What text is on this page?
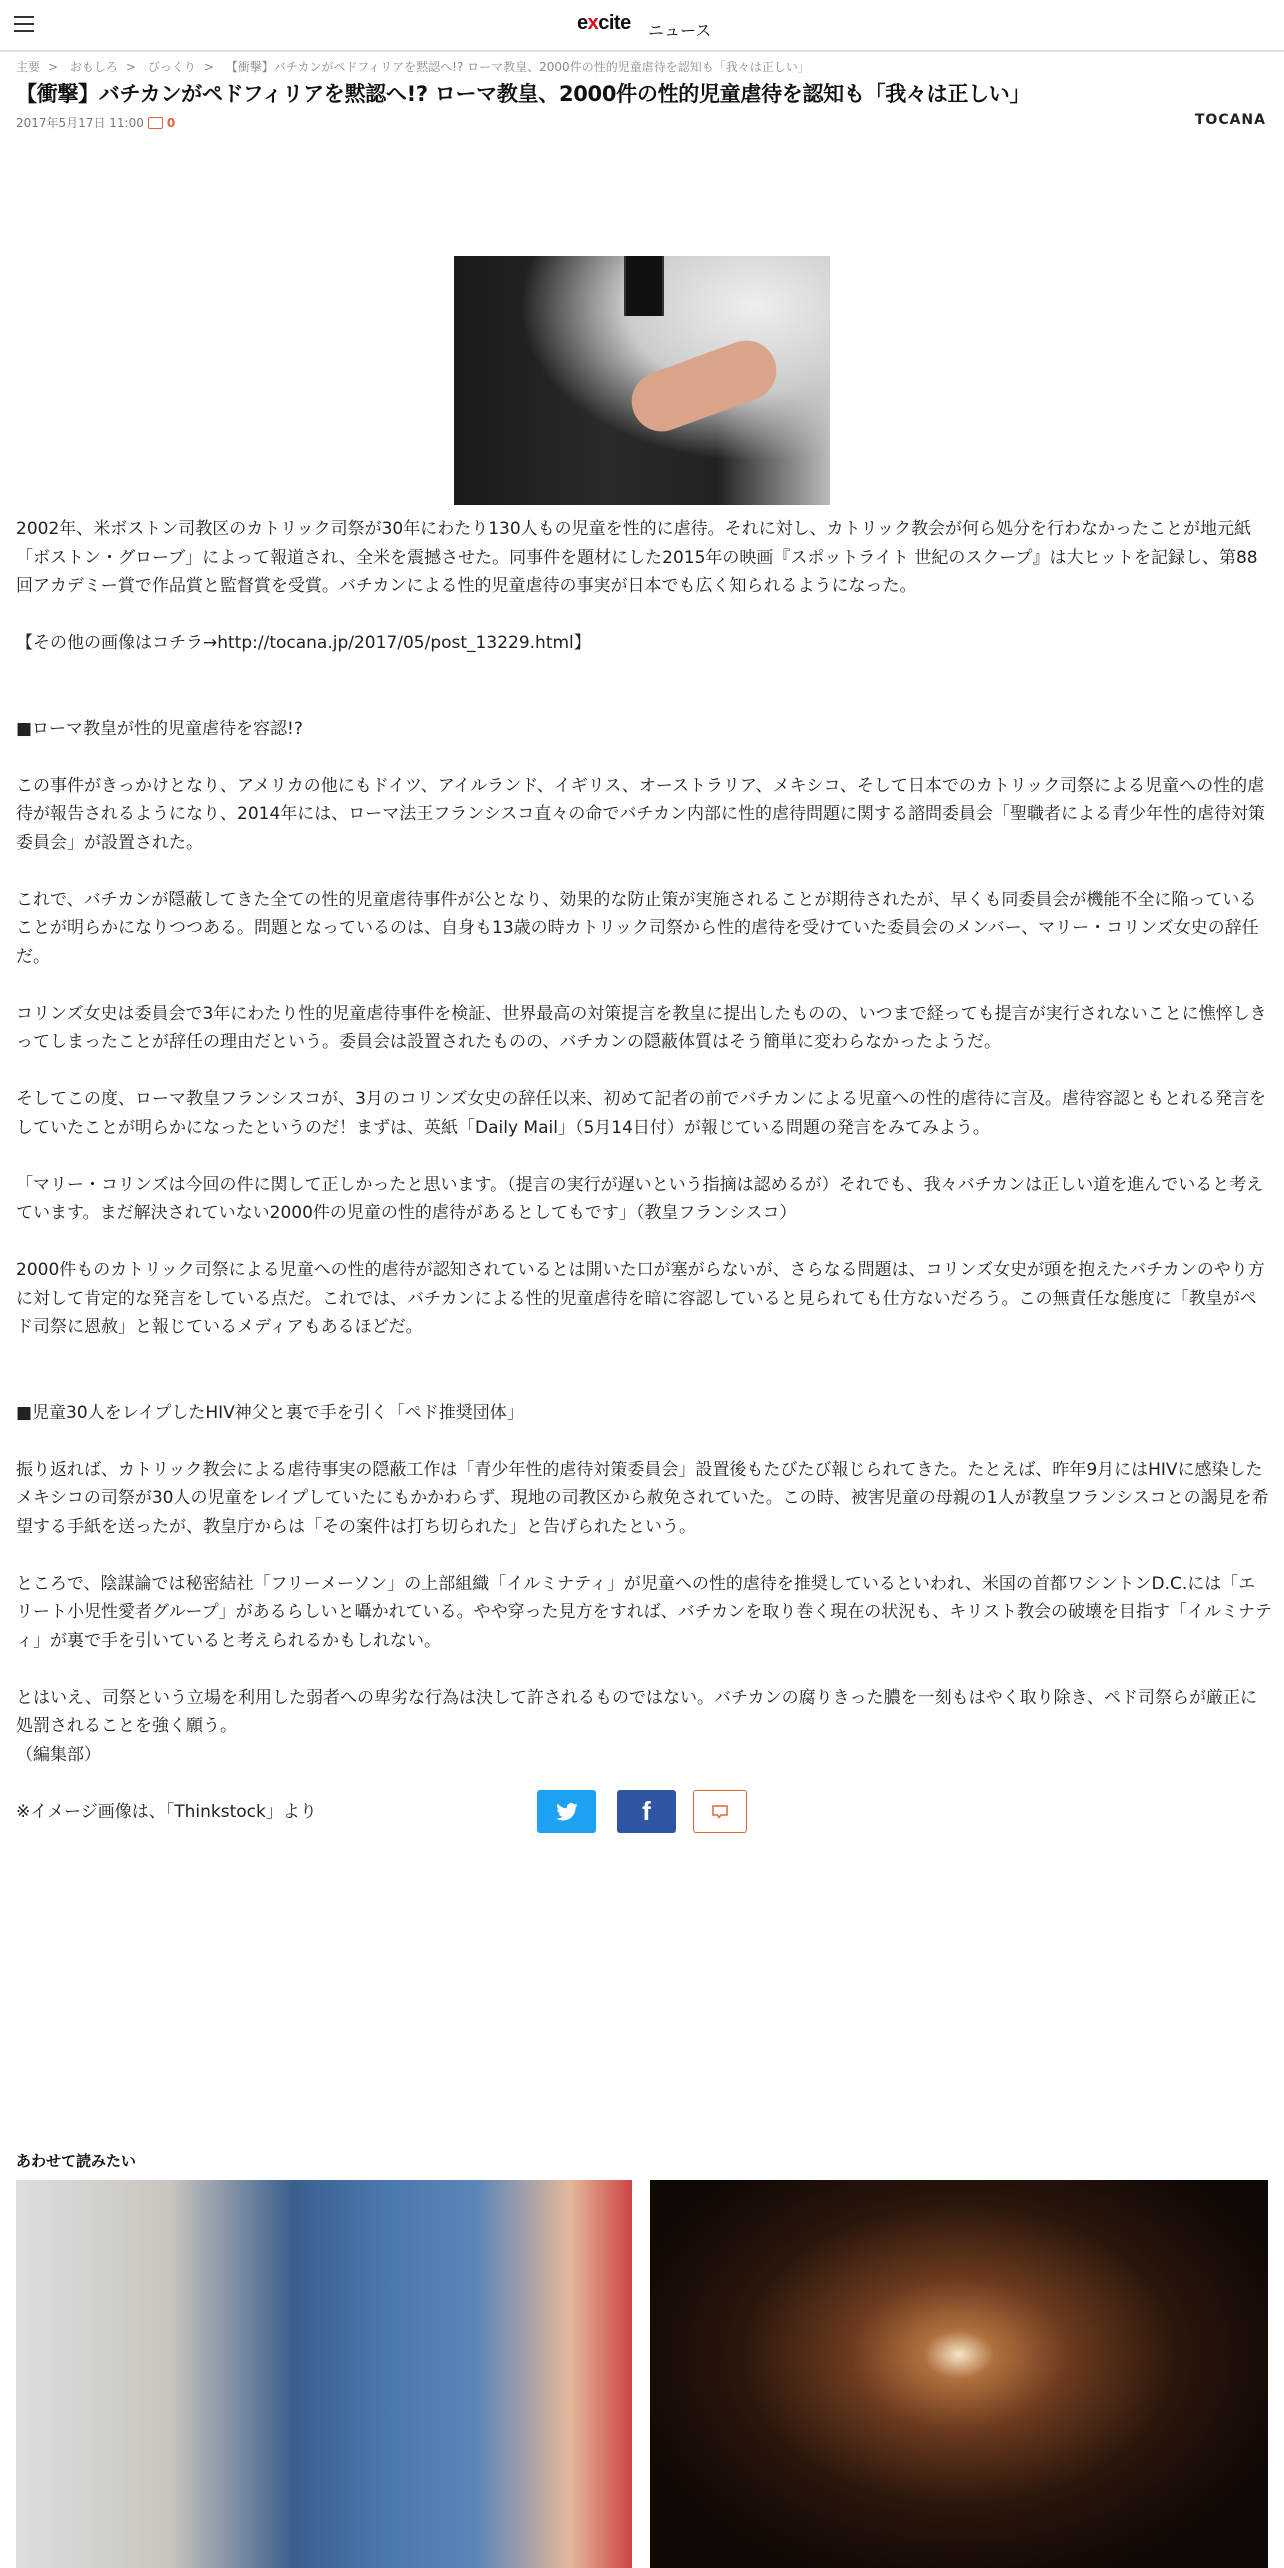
excite ニュース
主要 > おもしろ > びっくり > 【衝撃】バチカンがペドフィリアを黙認へ!? ローマ教皇、2000件の性的児童虐待を認知も「我々は正しい」
【衝撃】バチカンがペドフィリアを黙認へ!? ローマ教皇、2000件の性的児童虐待を認知も「我々は正しい」
2017年5月17日 11:00 0	TOCANA

2002年、米ボストン司教区のカトリック司祭が30年にわたり130人もの児童を性的に虐待。それに対し、カトリック教会が何ら処分を行わなかったことが地元紙「ボストン・グローブ」によって報道され、全米を震撼させた。同事件を題材にした2015年の映画『スポットライト 世紀のスクープ』は大ヒットを記録し、第88回アカデミー賞で作品賞と監督賞を受賞。バチカンによる性的児童虐待の事実が日本でも広く知られるようになった。

【その他の画像はコチラ→http://tocana.jp/2017/05/post_13229.html】

■ローマ教皇が性的児童虐待を容認!?

この事件がきっかけとなり、アメリカの他にもドイツ、アイルランド、イギリス、オーストラリア、メキシコ、そして日本でのカトリック司祭による児童への性的虐待が報告されるようになり、2014年には、ローマ法王フランシスコ直々の命でバチカン内部に性的虐待問題に関する諮問委員会「聖職者による青少年性的虐待対策委員会」が設置された。

これで、バチカンが隠蔽してきた全ての性的児童虐待事件が公となり、効果的な防止策が実施されることが期待されたが、早くも同委員会が機能不全に陥っていることが明らかになりつつある。問題となっているのは、自身も13歳の時カトリック司祭から性的虐待を受けていた委員会のメンバー、マリー・コリンズ女史の辞任だ。

コリンズ女史は委員会で3年にわたり性的児童虐待事件を検証、世界最高の対策提言を教皇に提出したものの、いつまで経っても提言が実行されないことに憔悴しきってしまったことが辞任の理由だという。委員会は設置されたものの、バチカンの隠蔽体質はそう簡単に変わらなかったようだ。

そしてこの度、ローマ教皇フランシスコが、3月のコリンズ女史の辞任以来、初めて記者の前でバチカンによる児童への性的虐待に言及。虐待容認ともとれる発言をしていたことが明らかになったというのだ！まずは、英紙「Daily Mail」（5月14日付）が報じている問題の発言をみてみよう。

「マリー・コリンズは今回の件に関して正しかったと思います。（提言の実行が遅いという指摘は認めるが）それでも、我々バチカンは正しい道を進んでいると考えています。まだ解決されていない2000件の児童の性的虐待があるとしてもです」（教皇フランシスコ）

2000件ものカトリック司祭による児童への性的虐待が認知されているとは開いた口が塞がらないが、さらなる問題は、コリンズ女史が頭を抱えたバチカンのやり方に対して肯定的な発言をしている点だ。これでは、バチカンによる性的児童虐待を暗に容認していると見られても仕方ないだろう。この無責任な態度に「教皇がペド司祭に恩赦」と報じているメディアもあるほどだ。

■児童30人をレイプしたHIV神父と裏で手を引く「ペド推奨団体」

振り返れば、カトリック教会による虐待事実の隠蔽工作は「青少年性的虐待対策委員会」設置後もたびたび報じられてきた。たとえば、昨年9月にはHIVに感染したメキシコの司祭が30人の児童をレイプしていたにもかかわらず、現地の司教区から赦免されていた。この時、被害児童の母親の1人が教皇フランシスコとの謁見を希望する手紙を送ったが、教皇庁からは「その案件は打ち切られた」と告げられたという。

ところで、陰謀論では秘密結社「フリーメーソン」の上部組織「イルミナティ」が児童への性的虐待を推奨しているといわれ、米国の首都ワシントンD.C.には「エリート小児性愛者グループ」があるらしいと囁かれている。やや穿った見方をすれば、バチカンを取り巻く現在の状況も、キリスト教会の破壊を目指す「イルミナティ」が裏で手を引いていると考えられるかもしれない。

とはいえ、司祭という立場を利用した弱者への卑劣な行為は決して許されるものではない。バチカンの腐りきった膿を一刻もはやく取り除き、ペド司祭らが厳正に処罰されることを強く願う。

（編集部）

※イメージ画像は、「Thinkstock」より	f
あわせて読みたい
